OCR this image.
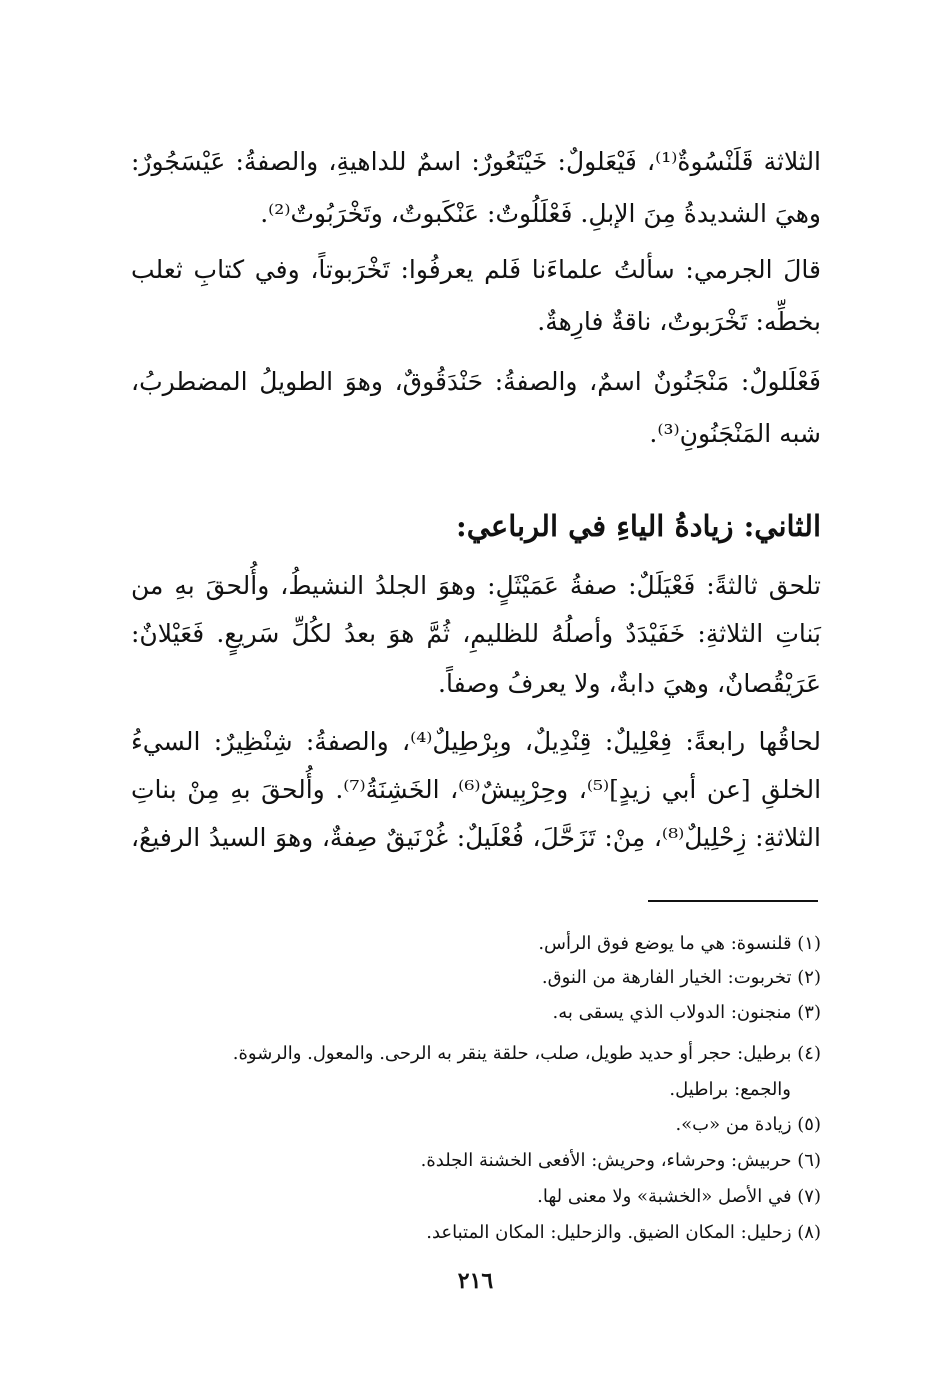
الثلاثة قَلَنْسُوةٌ⁽¹⁾، فَيْعَلولٌ: خَيْتَعُورٌ: اسمٌ للداهيةِ، والصفةُ: عَيْسَجُورٌ:
وهيَ الشديدةُ مِنَ الإبلِ. فَعْلَلُوتٌ: عَنْكَبوتٌ، وتَخْرَبُوتٌ⁽²⁾.
قالَ الجرمي: سألتُ علماءَنا فَلم يعرفُوا: تَخْرَبوتاً، وفي كتابِ ثعلب
بخطِّه: تَخْرَبوتٌ، ناقةٌ فارِهةٌ.
فَعْلَلولٌ: مَنْجَنُونٌ اسمٌ، والصفةُ: حَنْدَقُوقٌ، وهوَ الطويلُ المضطربُ،
شبه المَنْجَنُونِ⁽³⁾.
الثاني: زيادةُ الياءِ في الرباعي:
تلحق ثالثةً: فَعْيَلَلٌ: صفةُ عَمَيْثَلٍ: وهوَ الجلدُ النشيطُ، وأُلحقَ بهِ من
بَناتِ الثلاثةِ: خَفَيْدَدٌ وأصلُهُ للظليمِ، ثُمَّ هوَ بعدُ لكُلِّ سَريعٍ. فَعَيْلانٌ:
عَرَيْقُصانٌ، وهيَ دابةٌ، ولا يعرفُ وصفاً.
لحاقُها رابعةً: فِعْلِيلٌ: قِنْدِيلٌ، وبِرْطِيلٌ⁽⁴⁾، والصفةُ: شِنْظِيرٌ: السيءُ
الخلقِ [عن أبي زيدٍ]⁽⁵⁾، وحِرْبِيشٌ⁽⁶⁾، الخَشِنَةُ⁽⁷⁾. وأُلحقَ بهِ مِنْ بناتِ
الثلاثةِ: زِحْلِيلٌ⁽⁸⁾، مِنْ: تَزَحَّلَ، فُعْلَيلٌ: غُرْنَيقٌ صِفةٌ، وهوَ السيدُ الرفيعُ،
(١) قلنسوة: هي ما يوضع فوق الرأس.
(٢) تخربوت: الخيار الفارهة من النوق.
(٣) منجنون: الدولاب الذي يسقى به.
(٤) برطيل: حجر أو حديد طويل، صلب، حلقة ينقر به الرحى. والمعول. والرشوة.
والجمع: براطيل.
(٥) زيادة من «ب».
(٦) حربيش: وحرشاء، وحريش: الأفعى الخشنة الجلدة.
(٧) في الأصل «الخشبة» ولا معنى لها.
(٨) زحليل: المكان الضيق. والزحليل: المكان المتباعد.
٢١٦
